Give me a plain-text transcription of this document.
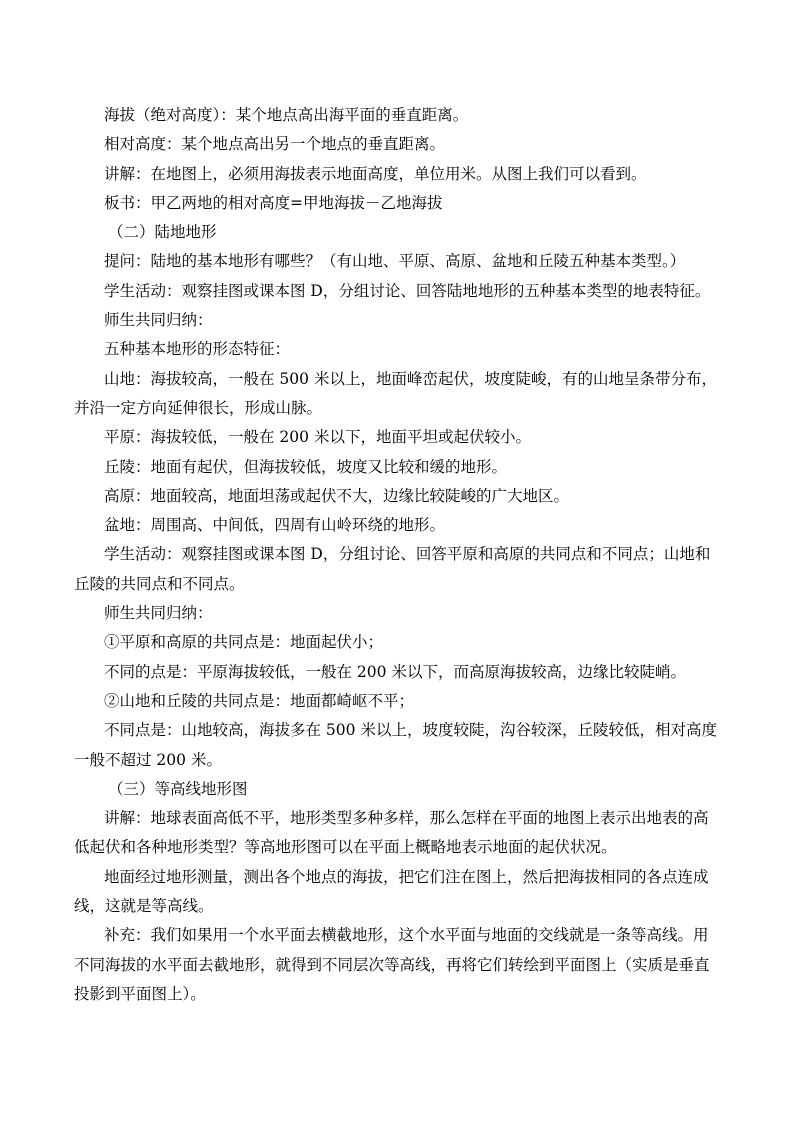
海拔（绝对高度）：某个地点高出海平面的垂直距离。
相对高度：某个地点高出另一个地点的垂直距离。
讲解：在地图上，必须用海拔表示地面高度，单位用米。从图上我们可以看到。
板书：甲乙两地的相对高度=甲地海拔－乙地海拔
（二）陆地地形
提问：陆地的基本地形有哪些？（有山地、平原、高原、盆地和丘陵五种基本类型。）
学生活动：观察挂图或课本图 D，分组讨论、回答陆地地形的五种基本类型的地表特征。
师生共同归纳：
五种基本地形的形态特征：
山地：海拔较高，一般在 500 米以上，地面峰峦起伏，坡度陡峻，有的山地呈条带分布，
并沿一定方向延伸很长，形成山脉。
平原：海拔较低，一般在 200 米以下，地面平坦或起伏较小。
丘陵：地面有起伏，但海拔较低，坡度又比较和缓的地形。
高原：地面较高，地面坦荡或起伏不大，边缘比较陡峻的广大地区。
盆地：周围高、中间低，四周有山岭环绕的地形。
学生活动：观察挂图或课本图 D，分组讨论、回答平原和高原的共同点和不同点；山地和
丘陵的共同点和不同点。
师生共同归纳：
①平原和高原的共同点是：地面起伏小；
不同的点是：平原海拔较低，一般在 200 米以下，而高原海拔较高，边缘比较陡峭。
②山地和丘陵的共同点是：地面都崎岖不平；
不同点是：山地较高，海拔多在 500 米以上，坡度较陡，沟谷较深，丘陵较低，相对高度
一般不超过 200 米。
（三）等高线地形图
讲解：地球表面高低不平，地形类型多种多样，那么怎样在平面的地图上表示出地表的高
低起伏和各种地形类型？等高地形图可以在平面上概略地表示地面的起伏状况。
地面经过地形测量，测出各个地点的海拔，把它们注在图上，然后把海拔相同的各点连成
线，这就是等高线。
补充：我们如果用一个水平面去横截地形，这个水平面与地面的交线就是一条等高线。用
不同海拔的水平面去截地形，就得到不同层次等高线，再将它们转绘到平面图上（实质是垂直
投影到平面图上）。
